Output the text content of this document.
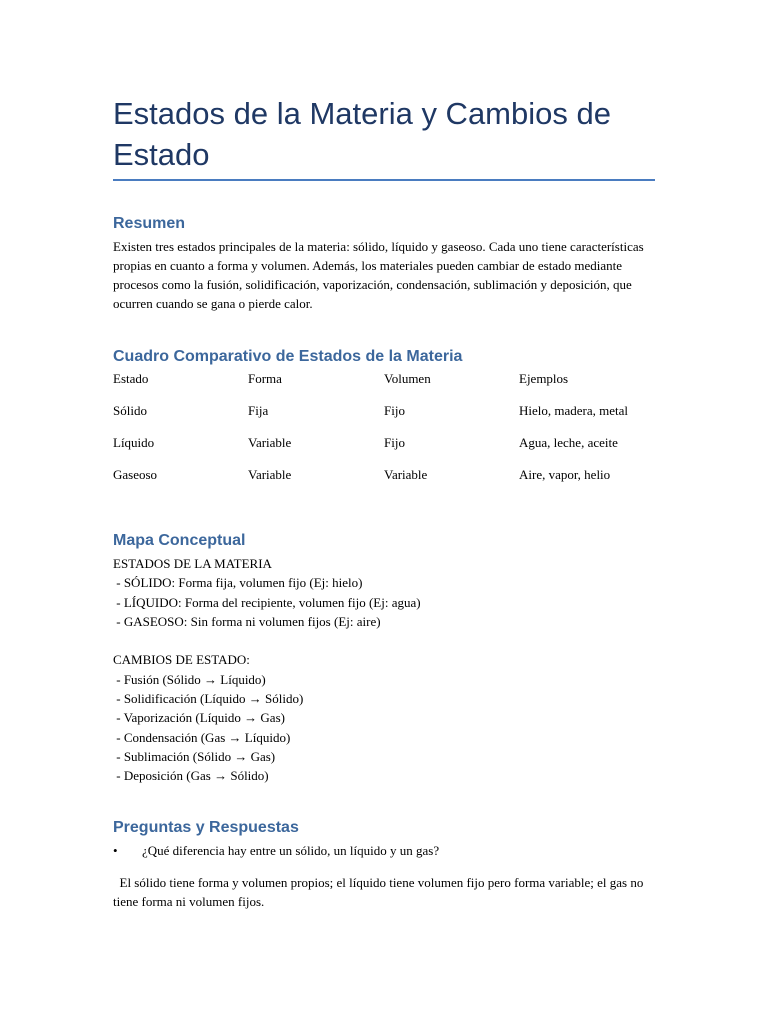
Estados de la Materia y Cambios de Estado
Resumen

Existen tres estados principales de la materia: sólido, líquido y gaseoso. Cada uno tiene características propias en cuanto a forma y volumen. Además, los materiales pueden cambiar de estado mediante procesos como la fusión, solidificación, vaporización, condensación, sublimación y deposición, que ocurren cuando se gana o pierde calor.

Cuadro Comparativo de Estados de la Materia
Estado	Forma	Volumen	Ejemplos
Sólido	Fija	Fijo	Hielo, madera, metal
Líquido	Variable	Fijo	Agua, leche, aceite
Gaseoso	Variable	Variable	Aire, vapor, helio
Mapa Conceptual
ESTADOS DE LA MATERIA
- SÓLIDO: Forma fija, volumen fijo (Ej: hielo)
- LÍQUIDO: Forma del recipiente, volumen fijo (Ej: agua)
- GASEOSO: Sin forma ni volumen fijos (Ej: aire)
CAMBIOS DE ESTADO:
- Fusión (Sólido → Líquido)
- Solidificación (Líquido → Sólido)
- Vaporización (Líquido → Gas)
- Condensación (Gas → Líquido)
- Sublimación (Sólido → Gas)
- Deposición (Gas → Sólido)
Preguntas y Respuestas
• ¿Qué diferencia hay entre un sólido, un líquido y un gas?

El sólido tiene forma y volumen propios; el líquido tiene volumen fijo pero forma variable; el gas no tiene forma ni volumen fijos.
